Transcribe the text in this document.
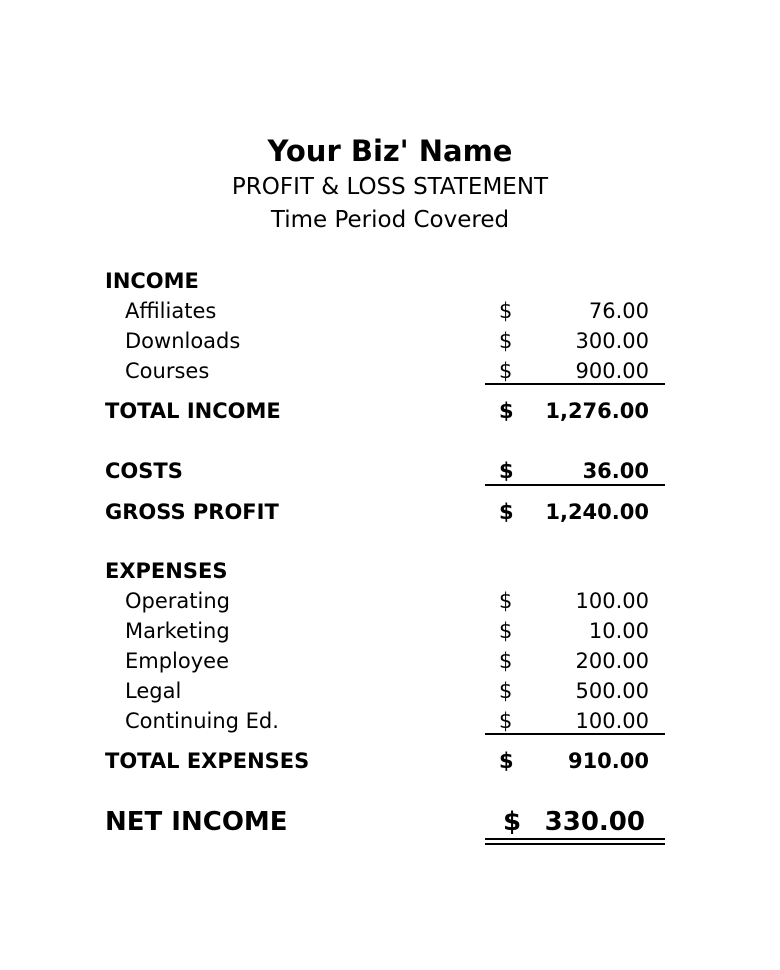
Your Biz' Name
PROFIT & LOSS STATEMENT
Time Period Covered
INCOME
Affiliates	$	76.00
Downloads	$	300.00
Courses	$	900.00
TOTAL INCOME	$ 1,276.00
COSTS	$	36.00
GROSS PROFIT	$ 1,240.00
EXPENSES
Operating	$	100.00
Marketing	$	10.00
Employee	$	200.00
Legal	$	500.00
Continuing Ed.	$	100.00
TOTAL EXPENSES	$	910.00
NET INCOME	$ 330.00
